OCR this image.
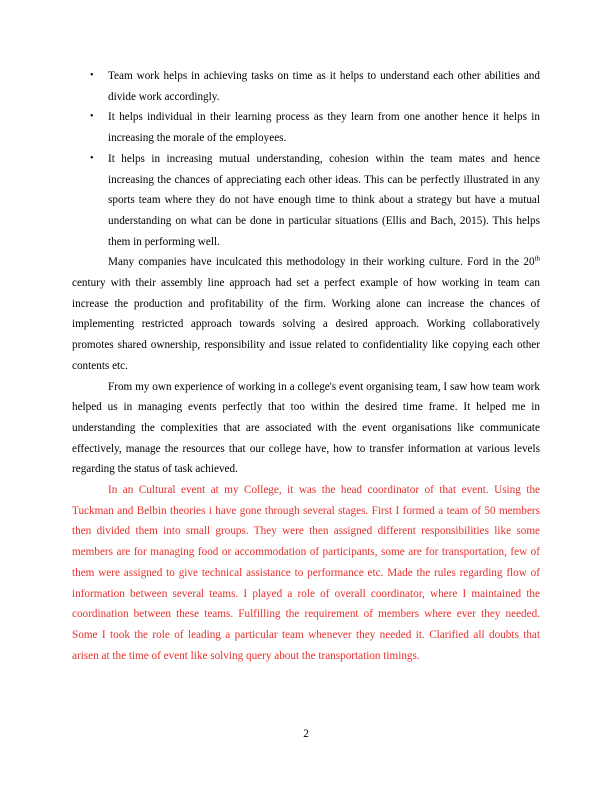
• Team work helps in achieving tasks on time as it helps to understand each other abilities and divide work accordingly.
• It helps individual in their learning process as they learn from one another hence it helps in increasing the morale of the employees.
• It helps in increasing mutual understanding, cohesion within the team mates and hence increasing the chances of appreciating each other ideas. This can be perfectly illustrated in any sports team where they do not have enough time to think about a strategy but have a mutual understanding on what can be done in particular situations (Ellis and Bach, 2015). This helps them in performing well.

Many companies have inculcated this methodology in their working culture. Ford in the 20th century with their assembly line approach had set a perfect example of how working in team can increase the production and profitability of the firm. Working alone can increase the chances of implementing restricted approach towards solving a desired approach. Working collaboratively promotes shared ownership, responsibility and issue related to confidentiality like copying each other contents etc.

From my own experience of working in a college's event organising team, I saw how team work helped us in managing events perfectly that too within the desired time frame. It helped me in understanding the complexities that are associated with the event organisations like communicate effectively, manage the resources that our college have, how to transfer information at various levels regarding the status of task achieved.

In an Cultural event at my College, it was the head coordinator of that event. Using the Tuckman and Belbin theories i have gone through several stages. First I formed a team of 50 members then divided them into small groups. They were then assigned different responsibilities like some members are for managing food or accommodation of participants, some are for transportation, few of them were assigned to give technical assistance to performance etc. Made the rules regarding flow of information between several teams. I played a role of overall coordinator, where I maintained the coordination between these teams. Fulfilling the requirement of members where ever they needed. Some I took the role of leading a particular team whenever they needed it. Clarified all doubts that arisen at the time of event like solving query about the transportation timings.

2
